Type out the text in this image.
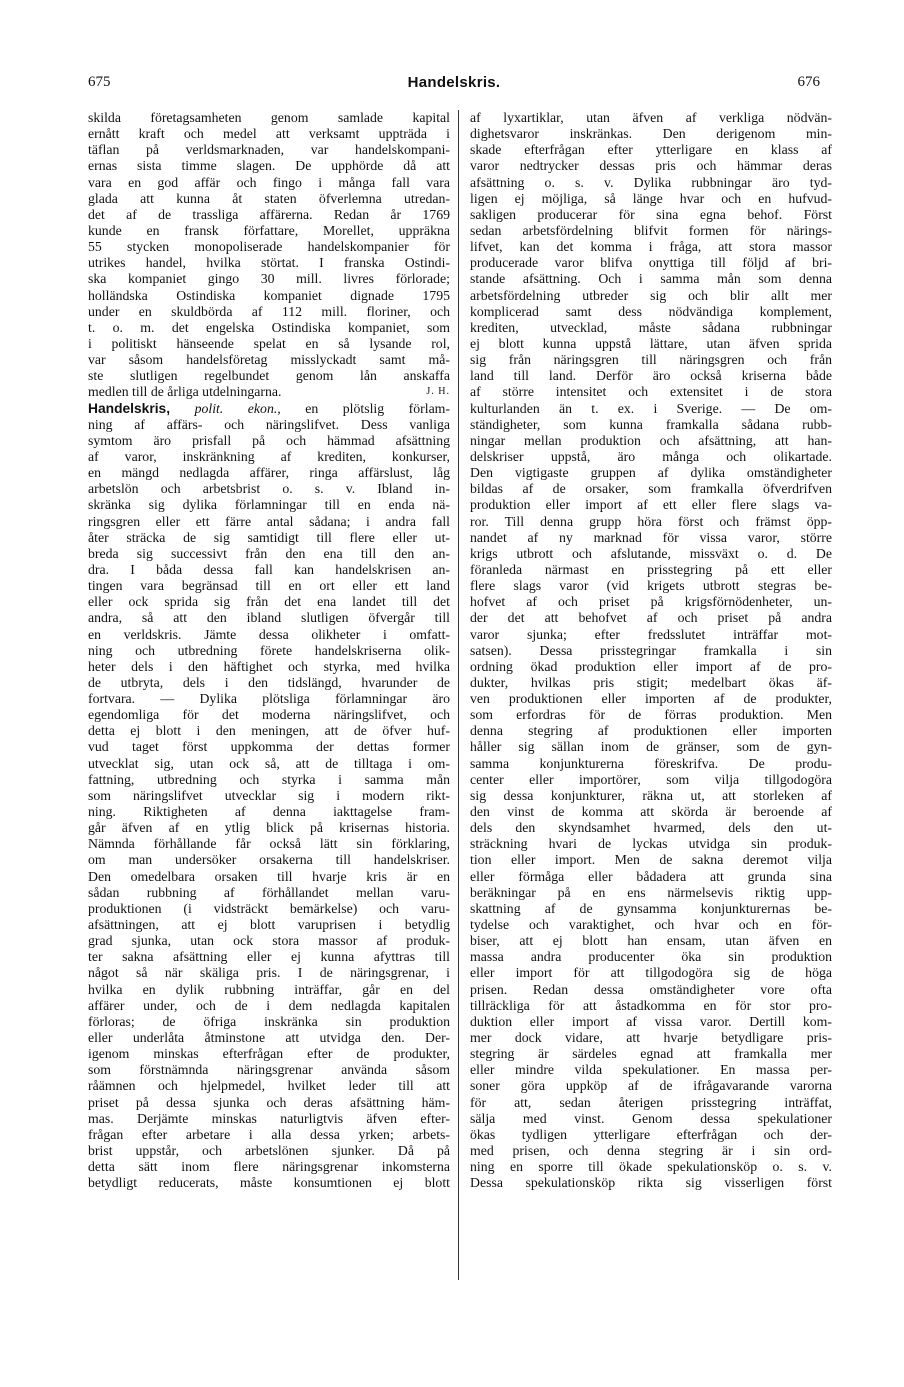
675	Handelskris.	676
skilda företagsamheten genom samlade kapital
ernått kraft och medel att verksamt uppträda i
täflan på verldsmarknaden, var handelskompani-
ernas sista timme slagen. De upphörde då att
vara en god affär och fingo i många fall vara
glada att kunna åt staten öfverlemna utredan-
det af de trassliga affärerna. Redan år 1769
kunde en fransk författare, Morellet, uppräkna
55 stycken monopoliserade handelskompanier för
utrikes handel, hvilka störtat. I franska Ostindi-
ska kompaniet gingo 30 mill. livres förlorade;
holländska Ostindiska kompaniet dignade 1795
under en skuldbörda af 112 mill. floriner, och
t. o. m. det engelska Ostindiska kompaniet, som
i politiskt hänseende spelat en så lysande rol,
var såsom handelsföretag misslyckadt samt må-
ste slutligen regelbundet genom lån anskaffa
medlen till de årliga utdelningarna.	J. H.
Handelskris, polit. ekon., en plötslig förlam-
ning af affärs- och näringslifvet. Dess vanliga
symtom äro prisfall på och hämmad afsättning
af varor, inskränkning af krediten, konkurser,
en mängd nedlagda affärer, ringa affärslust, låg
arbetslön och arbetsbrist o. s. v. Ibland in-
skränka sig dylika förlamningar till en enda nä-
ringsgren eller ett färre antal sådana; i andra fall
åter sträcka de sig samtidigt till flere eller ut-
breda sig successivt från den ena till den an-
dra. I båda dessa fall kan handelskrisen an-
tingen vara begränsad till en ort eller ett land
eller ock sprida sig från det ena landet till det
andra, så att den ibland slutligen öfvergår till
en verldskris. Jämte dessa olikheter i omfatt-
ning och utbredning förete handelskriserna olik-
heter dels i den häftighet och styrka, med hvilka
de utbryta, dels i den tidslängd, hvarunder de
fortvara. — Dylika plötsliga förlamningar äro
egendomliga för det moderna näringslifvet, och
detta ej blott i den meningen, att de öfver huf-
vud taget först uppkomma der dettas former
utvecklat sig, utan ock så, att de tilltaga i om-
fattning, utbredning och styrka i samma mån
som näringslifvet utvecklar sig i modern rikt-
ning. Riktigheten af denna iakttagelse fram-
går äfven af en ytlig blick på krisernas historia.
Nämnda förhållande får också lätt sin förklaring,
om man undersöker orsakerna till handelskriser.
Den omedelbara orsaken till hvarje kris är en
sådan rubbning af förhållandet mellan varu-
produktionen (i vidsträckt bemärkelse) och varu-
afsättningen, att ej blott varuprisen i betydlig
grad sjunka, utan ock stora massor af produk-
ter sakna afsättning eller ej kunna afyttras till
något så när skäliga pris. I de näringsgrenar, i
hvilka en dylik rubbning inträffar, går en del
affärer under, och de i dem nedlagda kapitalen
förloras; de öfriga inskränka sin produktion
eller underlåta åtminstone att utvidga den. Der-
igenom minskas efterfrågan efter de produkter,
som förstnämnda näringsgrenar använda såsom
råämnen och hjelpmedel, hvilket leder till att
priset på dessa sjunka och deras afsättning häm-
mas. Derjämte minskas naturligtvis äfven efter-
frågan efter arbetare i alla dessa yrken; arbets-
brist uppstår, och arbetslönen sjunker. Då på
detta sätt inom flere näringsgrenar inkomsterna
betydligt reducerats, måste konsumtionen ej blott
af lyxartiklar, utan äfven af verkliga nödvän-
dighetsvaror inskränkas. Den derigenom min-
skade efterfrågan efter ytterligare en klass af
varor nedtrycker dessas pris och hämmar deras
afsättning o. s. v. Dylika rubbningar äro tyd-
ligen ej möjliga, så länge hvar och en hufvud-
sakligen producerar för sina egna behof. Först
sedan arbetsfördelning blifvit formen för närings-
lifvet, kan det komma i fråga, att stora massor
producerade varor blifva onyttiga till följd af bri-
stande afsättning. Och i samma mån som denna
arbetsfördelning utbreder sig och blir allt mer
komplicerad samt dess nödvändiga komplement,
krediten, utvecklad, måste sådana rubbningar
ej blott kunna uppstå lättare, utan äfven sprida
sig från näringsgren till näringsgren och från
land till land. Derför äro också kriserna både
af större intensitet och extensitet i de stora
kulturlanden än t. ex. i Sverige. — De om-
ständigheter, som kunna framkalla sådana rubb-
ningar mellan produktion och afsättning, att han-
delskriser uppstå, äro många och olikartade.
Den vigtigaste gruppen af dylika omständigheter
bildas af de orsaker, som framkalla öfverdrifven
produktion eller import af ett eller flere slags va-
ror. Till denna grupp höra först och främst öpp-
nandet af ny marknad för vissa varor, större
krigs utbrott och afslutande, missväxt o. d. De
föranleda närmast en prisstegring på ett eller
flere slags varor (vid krigets utbrott stegras be-
hofvet af och priset på krigsförnödenheter, un-
der det att behofvet af och priset på andra
varor sjunka; efter fredsslutet inträffar mot-
satsen). Dessa prisstegringar framkalla i sin
ordning ökad produktion eller import af de pro-
dukter, hvilkas pris stigit; medelbart ökas äf-
ven produktionen eller importen af de produkter,
som erfordras för de förras produktion. Men
denna stegring af produktionen eller importen
håller sig sällan inom de gränser, som de gyn-
samma konjunkturerna föreskrifva. De produ-
center eller importörer, som vilja tillgodogöra
sig dessa konjunkturer, räkna ut, att storleken af
den vinst de komma att skörda är beroende af
dels den skyndsamhet hvarmed, dels den ut-
sträckning hvari de lyckas utvidga sin produk-
tion eller import. Men de sakna deremot vilja
eller förmåga eller bådadera att grunda sina
beräkningar på en ens närmelsevis riktig upp-
skattning af de gynsamma konjunkturernas be-
tydelse och varaktighet, och hvar och en för-
biser, att ej blott han ensam, utan äfven en
massa andra producenter öka sin produktion
eller import för att tillgodogöra sig de höga
prisen. Redan dessa omständigheter vore ofta
tillräckliga för att åstadkomma en för stor pro-
duktion eller import af vissa varor. Dertill kom-
mer dock vidare, att hvarje betydligare pris-
stegring är särdeles egnad att framkalla mer
eller mindre vilda spekulationer. En massa per-
soner göra uppköp af de ifrågavarande varorna
för att, sedan återigen prisstegring inträffat,
sälja med vinst. Genom dessa spekulationer
ökas tydligen ytterligare efterfrågan och der-
med prisen, och denna stegring är i sin ord-
ning en sporre till ökade spekulationsköp o. s. v.
Dessa spekulationsköp rikta sig visserligen först
